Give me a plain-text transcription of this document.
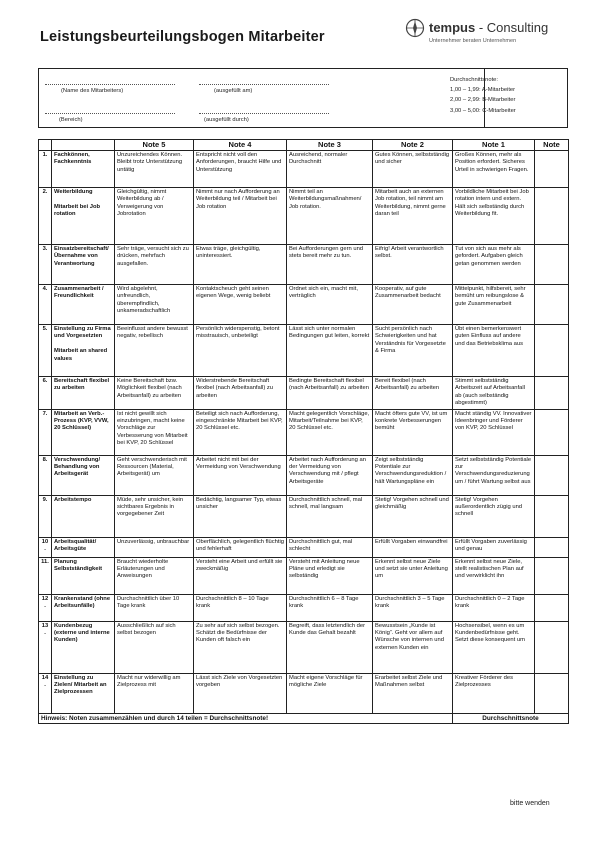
Leistungsbeurteilungsbogen Mitarbeiter
tempus - Consulting
Unternehmer beraten Unternehmen
(Name des Mitarbeiters)	(ausgefüllt am)
(Bereich)	(ausgefüllt durch)
Durchschnittsnote:
1,00 – 1,99: A-Mitarbeiter
2,00 – 2,99: B-Mitarbeiter
3,00 – 5,00: C-Mitarbeiter
		Note 5	Note 4	Note 3	Note 2	Note 1	Note

1.	Fachkönnen, Fachkenntnis	Unzureichendes Können. Bleibt trotz Unterstützung untätig	Entspricht nicht voll den Anforderungen, braucht Hilfe und Unterstützung	Ausreichend, normaler Durchschnitt	Gutes Können, selbstständig und sicher	Großes Können, mehr als Position erfordert. Sicheres Urteil in schwierigen Fragen.	

2.	Weiterbildung

Mitarbeit bei Job rotation	Gleichgültig, nimmt Weiterbildung ab / Verweigerung von Jobrotation	Nimmt nur nach Aufforderung an Weiterbildung teil / Mitarbeit bei Job rotation	Nimmt teil an Weiterbildungsmaßnahmen/ Job rotation.	Mitarbeit auch an externen Job rotation, teil nimmt am Weiterbildung, nimmt gerne daran teil	Vorbildliche Mitarbeit bei Job rotation intern und extern. Hält sich selbständig durch Weiterbildung fit.	

3.	Einsatzbereitschaft/Übernahme von Verantwortung	Sehr träge, versucht sich zu drücken, mehrfach ausgefallen.	Etwas träge, gleichgültig, uninteressiert.	Bei Aufforderungen gern und stets bereit mehr zu tun.	Eifrig! Arbeit verantwortlich selbst.	Tut von sich aus mehr als gefordert. Aufgaben gleich getan genommen werden	

4.	Zusammenarbeit / Freundlichkeit	Wird abgelehnt, unfreundlich, überempfindlich, unkameradschaftlich	Kontaktscheuch geht seinen eigenen Wege, wenig beliebt	Ordnet sich ein, macht mit, verträglich	Kooperativ, auf gute Zusammenarbeit bedacht	Mittelpunkt, hilfsbereit, sehr bemüht um reibungslose & gute Zusammenarbeit	

5.	Einstellung zu Firma und Vorgesetzten

Mitarbeit an shared values	Beeinflusst andere bewusst negativ, rebellisch	Persönlich widerspenstig, betont misstrauisch, unbeteiligt	Lässt sich unter normalen Bedingungen gut leiten, korrekt	Sucht persönlich nach Schwierigkeiten und hat Verständnis für Vorgesetzte & Firma	Übt einen bemerkenswert guten Einfluss auf andere und das Betriebsklima aus	

6.	Bereitschaft flexibel zu arbeiten	Keine Bereitschaft bzw. Möglichkeit flexibel (nach Arbeitsanfall) zu arbeiten	Widerstrebende Bereitschaft flexibel (nach Arbeitsanfall) zu arbeiten	Bedingte Bereitschaft flexibel (nach Arbeitsanfall) zu arbeiten	Bereit flexibel (nach Arbeitsanfall) zu arbeiten	Stimmt selbstständig Arbeitszeit auf Arbeitsanfall ab (auch selbständig abgestimmt)	

7.	Mitarbeit an Verb.-Prozess (KVP, VVW, 20 Schlüssel)	Ist nicht gewillt sich einzubringen, macht keine Vorschläge zur Verbesserung von Mitarbeit bei KVP, 20 Schlüssel	Beteiligt sich nach Aufforderung, eingeschränkte Mitarbeit bei KVP, 20 Schlüssel etc.	Macht gelegentlich Vorschläge, Mitarbeit/Teilnahme bei KVP, 20 Schlüssel etc.	Macht öfters gute VV, ist um konkrete Verbesserungen bemüht	Macht ständig VV. Innovativer Ideenbringer und Förderer von KVP, 20 Schlüssel	

8.	Verschwendung/ Behandlung von Arbeitsgerät	Geht verschwenderisch mit Ressourcen (Material, Arbeitsgerät) um	Arbeitet nicht mit bei der Vermeidung von Verschwendung	Arbeitet nach Aufforderung an der Vermeidung von Verschwendung mit / pflegt Arbeitsgeräte	Zeigt selbstständig Potentiale zur Verschwendungsreduktion / hält Wartungspläne ein	Setzt selbstständig Potentiale zur Verschwendungsreduzierung um / führt Wartung selbst aus	

9.	Arbeitstempo	Müde, sehr unsicher, kein sichtbares Ergebnis in vorgegebener Zeit	Bedächtig, langsamer Typ, etwas unsicher	Durchschnittlich schnell, mal schnell, mal langsam	Stetig! Vorgehen schnell und gleichmäßig	Stetig! Vorgehen außerordentlich zügig und schnell	

10.	Arbeitsqualität/ Arbeitsgüte	Unzuverlässig, unbrauchbar	Oberflächlich, gelegentlich flüchtig und fehlerhaft	Durchschnittlich gut, mal schlecht	Erfüllt Vorgaben einwandfrei	Erfüllt Vorgaben zuverlässig und genau	

11.	Planung Selbstständigkeit	Braucht wiederholte Erläuterungen und Anweisungen	Versteht eine Arbeit und erfüllt sie zweckmäßig	Versteht mit Anleitung neue Pläne und erledigt sie selbständig	Erkennt selbst neue Ziele und setzt sie unter Anleitung um	Erkennt selbst neue Ziele, stellt realistischen Plan auf und verwirklicht ihn	

12.	Krankenstand (ohne Arbeitsunfälle)	Durchschnittlich über 10 Tage krank	Durchschnittlich 8 – 10 Tage krank	Durchschnittlich 6 – 8 Tage krank	Durchschnittlich 3 – 5 Tage krank	Durchschnittlich 0 – 2 Tage krank	

13.	Kundenbezug (externe und interne Kunden)	Ausschließlich auf sich selbst bezogen	Zu sehr auf sich selbst bezogen. Schätzt die Bedürfnisse der Kunden oft falsch ein	Begreift, dass letztendlich der Kunde das Gehalt bezahlt	Bewusstsein „Kunde ist König“. Geht vor allem auf Wünsche von internen und externen Kunden ein	Hochsensibel, wenn es um Kundenbedürfnisse geht. Setzt diese konsequent um	

14.	Einstellung zu Zielen/ Mitarbeit an Zielprozessen	Macht nur widerwillig am Zielprozess mit	Lässt sich Ziele von Vorgesetzten vorgeben	Macht eigene Vorschläge für mögliche Ziele	Erarbeitet selbst Ziele und Maßnahmen selbst	Kreativer Förderer des Zielprozesses	

Hinweis: Noten zusammenzählen und durch 14 teilen = Durchschnittsnote!						Durchschnittsnote	
bitte wenden
